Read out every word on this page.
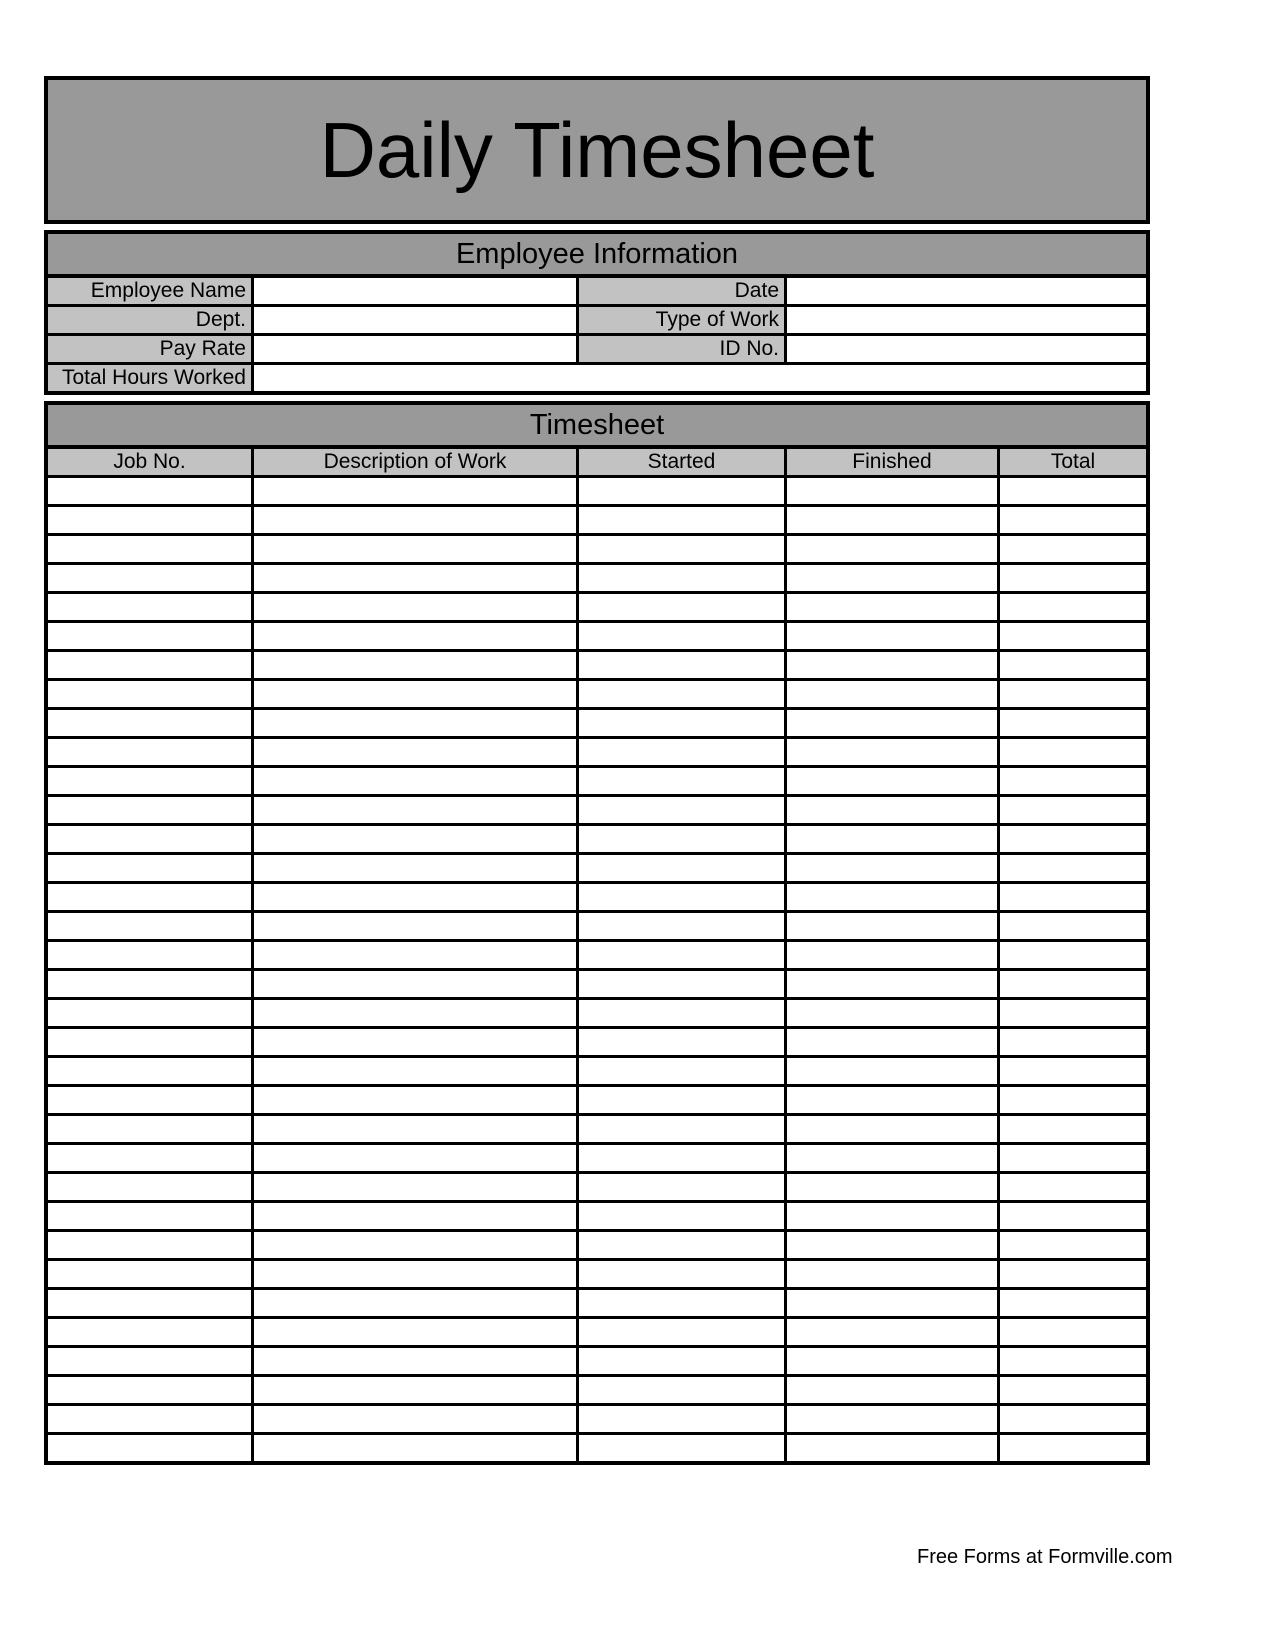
Daily Timesheet
Employee Information
Employee Name	Date
Dept.	Type of Work
Pay Rate	ID No.
Total Hours Worked
Timesheet
Job No.	Description of Work	Started	Finished	Total
Free Forms at Formville.com
